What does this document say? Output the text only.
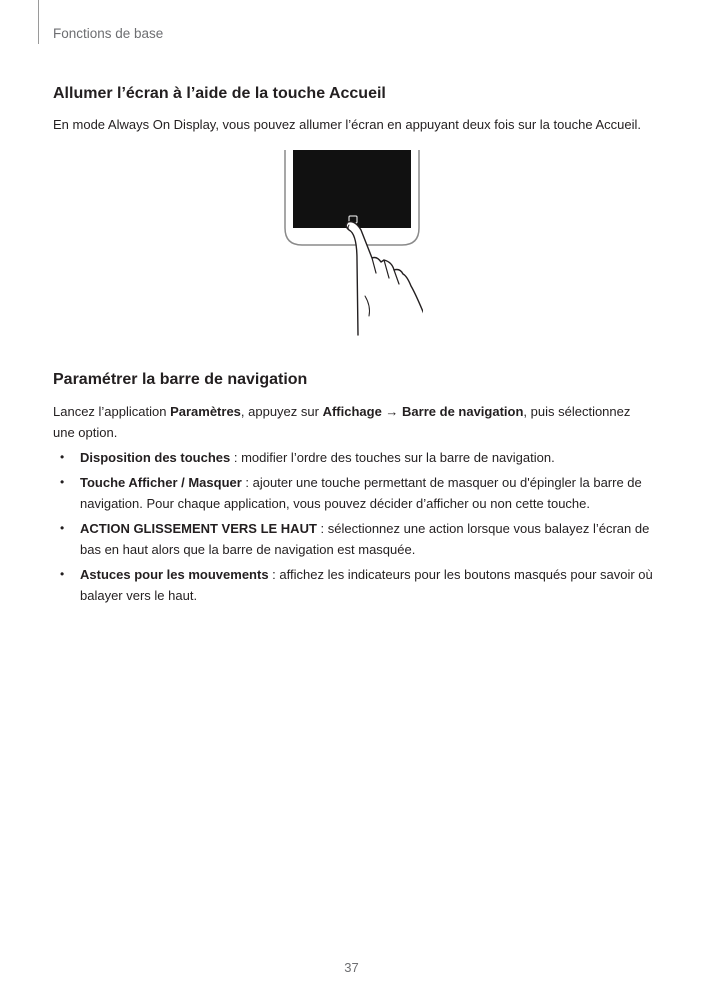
Fonctions de base
Allumer l’écran à l’aide de la touche Accueil
En mode Always On Display, vous pouvez allumer l’écran en appuyant deux fois sur la touche Accueil.
Paramétrer la barre de navigation
Lancez l’application Paramètres, appuyez sur Affichage → Barre de navigation, puis sélectionnez une option.
• Disposition des touches : modifier l’ordre des touches sur la barre de navigation.
• Touche Afficher / Masquer : ajouter une touche permettant de masquer ou d'épingler la barre de navigation. Pour chaque application, vous pouvez décider d’afficher ou non cette touche.
• ACTION GLISSEMENT VERS LE HAUT : sélectionnez une action lorsque vous balayez l’écran de bas en haut alors que la barre de navigation est masquée.
• Astuces pour les mouvements : affichez les indicateurs pour les boutons masqués pour savoir où balayer vers le haut.
37
